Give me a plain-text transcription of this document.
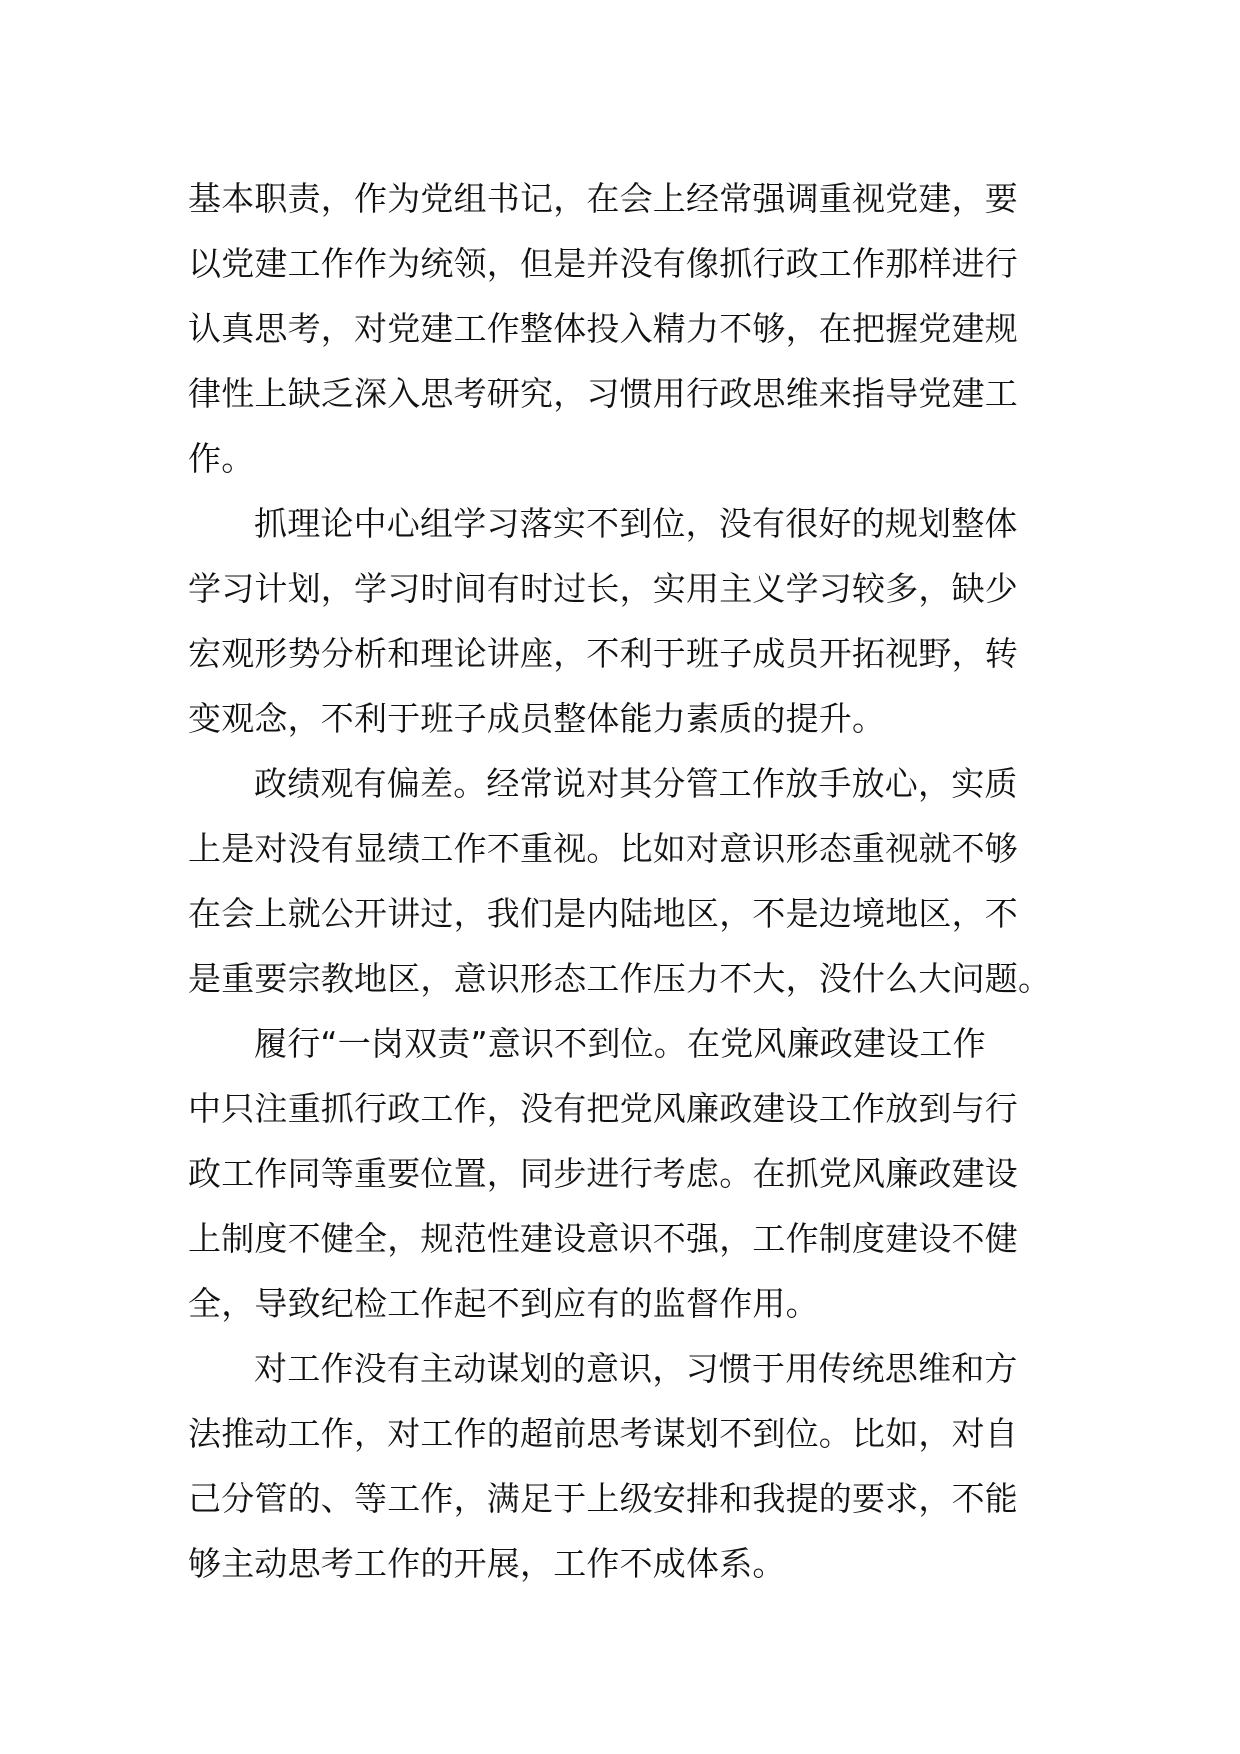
基本职责，作为党组书记，在会上经常强调重视党建，要
以党建工作作为统领，但是并没有像抓行政工作那样进行
认真思考，对党建工作整体投入精力不够，在把握党建规
律性上缺乏深入思考研究，习惯用行政思维来指导党建工
作。

抓理论中心组学习落实不到位，没有很好的规划整体
学习计划，学习时间有时过长，实用主义学习较多，缺少
宏观形势分析和理论讲座，不利于班子成员开拓视野，转
变观念，不利于班子成员整体能力素质的提升。

政绩观有偏差。经常说对其分管工作放手放心，实质
上是对没有显绩工作不重视。比如对意识形态重视就不够
在会上就公开讲过，我们是内陆地区，不是边境地区，不
是重要宗教地区，意识形态工作压力不大，没什么大问题。

履行“一岗双责”意识不到位。在党风廉政建设工作
中只注重抓行政工作，没有把党风廉政建设工作放到与行
政工作同等重要位置，同步进行考虑。在抓党风廉政建设
上制度不健全，规范性建设意识不强，工作制度建设不健
全，导致纪检工作起不到应有的监督作用。

对工作没有主动谋划的意识，习惯于用传统思维和方
法推动工作，对工作的超前思考谋划不到位。比如，对自
己分管的、等工作，满足于上级安排和我提的要求，不能
够主动思考工作的开展，工作不成体系。
